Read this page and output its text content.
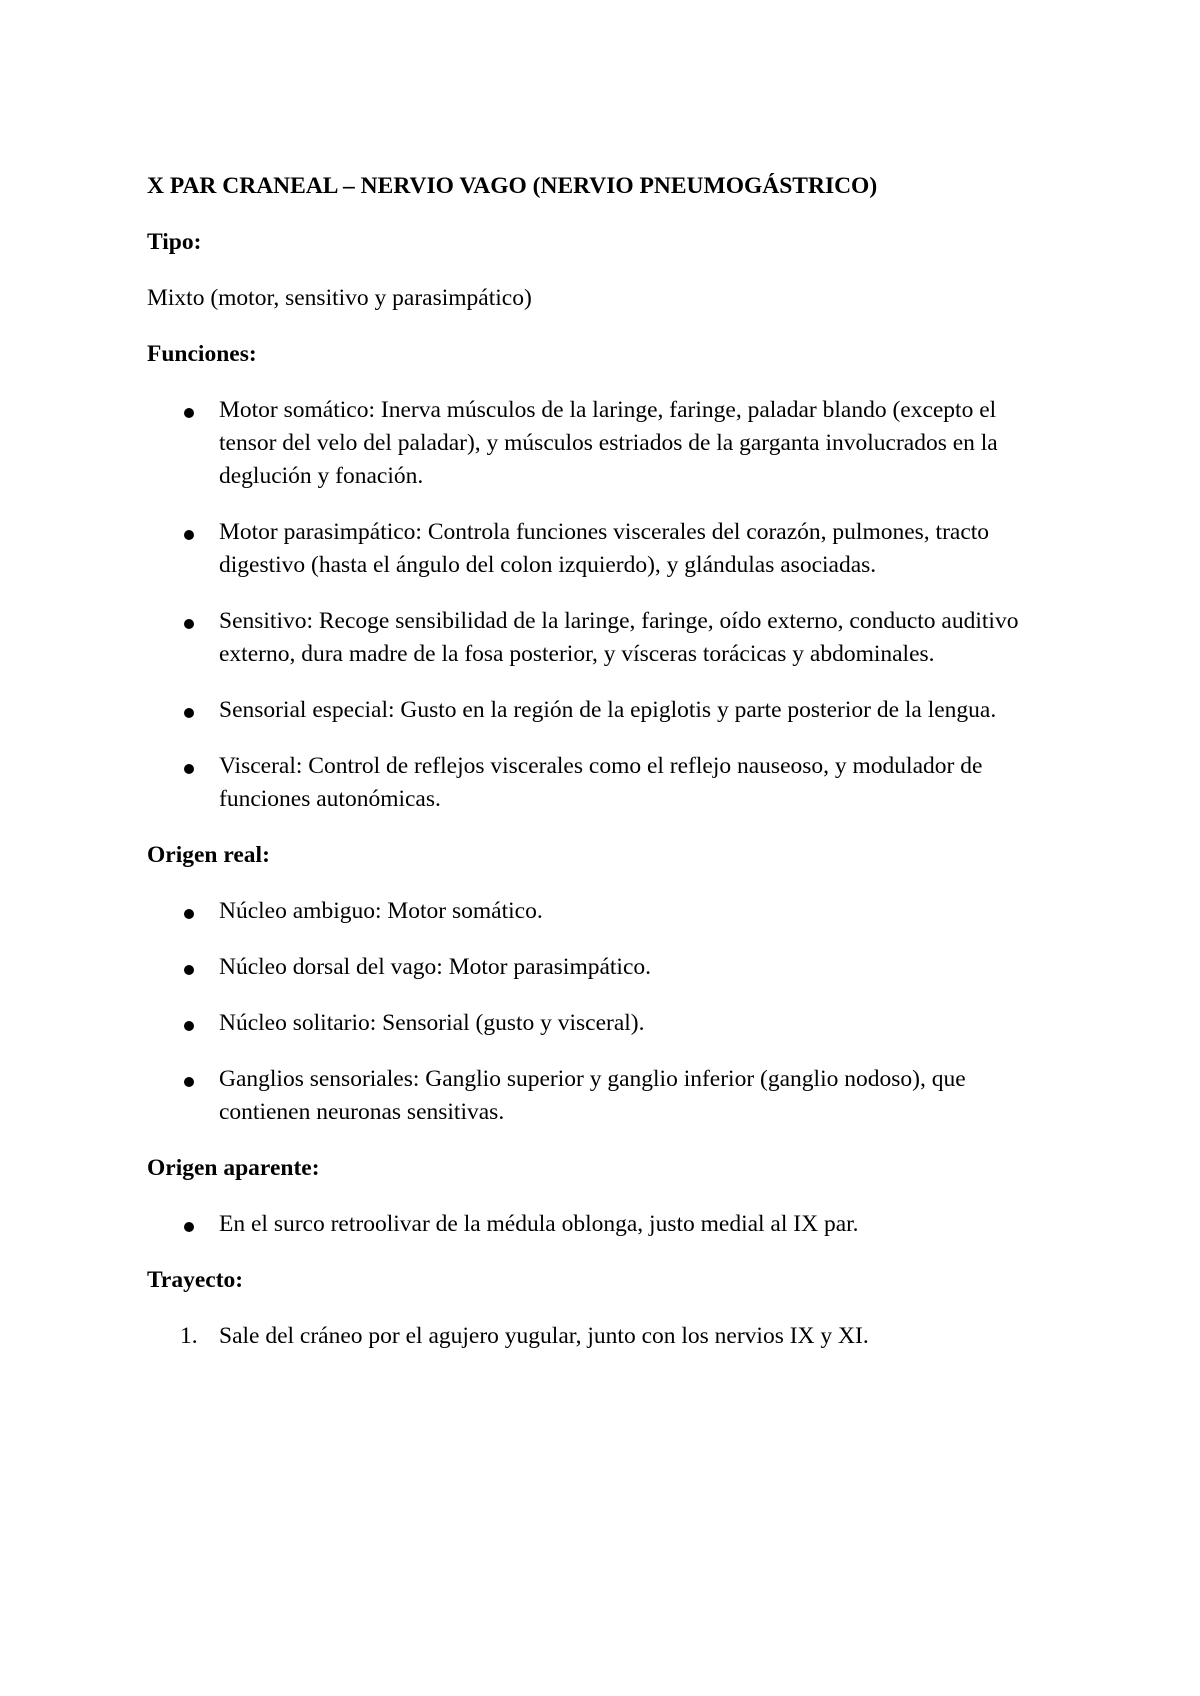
X PAR CRANEAL – NERVIO VAGO (NERVIO PNEUMOGÁSTRICO)
Tipo:
Mixto (motor, sensitivo y parasimpático)
Funciones:
Motor somático: Inerva músculos de la laringe, faringe, paladar blando (excepto el tensor del velo del paladar), y músculos estriados de la garganta involucrados en la deglución y fonación.
Motor parasimpático: Controla funciones viscerales del corazón, pulmones, tracto digestivo (hasta el ángulo del colon izquierdo), y glándulas asociadas.
Sensitivo: Recoge sensibilidad de la laringe, faringe, oído externo, conducto auditivo externo, dura madre de la fosa posterior, y vísceras torácicas y abdominales.
Sensorial especial: Gusto en la región de la epiglotis y parte posterior de la lengua.
Visceral: Control de reflejos viscerales como el reflejo nauseoso, y modulador de funciones autonómicas.
Origen real:
Núcleo ambiguo: Motor somático.
Núcleo dorsal del vago: Motor parasimpático.
Núcleo solitario: Sensorial (gusto y visceral).
Ganglios sensoriales: Ganglio superior y ganglio inferior (ganglio nodoso), que contienen neuronas sensitivas.
Origen aparente:
En el surco retroolivar de la médula oblonga, justo medial al IX par.
Trayecto:
1. Sale del cráneo por el agujero yugular, junto con los nervios IX y XI.
